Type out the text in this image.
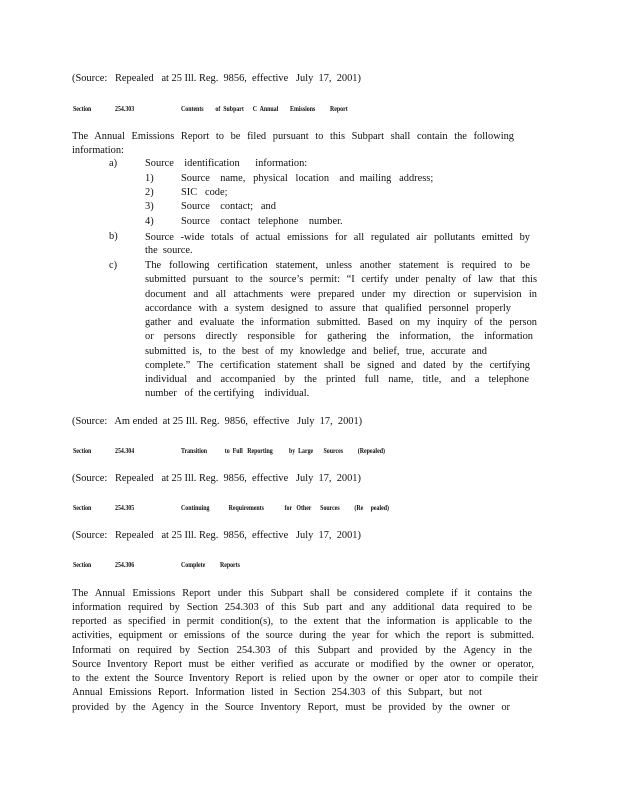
(Source:   Repealed   at 25 Ill. Reg.  9856,  effective   July  17,  2001)
Section	254.303	Contents        of  Subpart      C  Annual        Emissions          Report
The Annual Emissions Report to be filed pursuant to this Subpart shall contain the following
information:
a)	Source    identification      information:
1)	Source    name,   physical   location    and  mailing   address;
2)	SIC   code;
3)	Source    contact;   and
4)	Source    contact   telephone    number.
b)	Source -wide totals of actual emissions for all regulated air pollutants emitted by
the  source.
c)	The following certification statement, unless another statement is required to be
submitted pursuant to the source’s permit: “I certify under penalty of law that this
document and all attachments were prepared under my direction or supervision in
accordance with a system designed to assure that qualified personnel properly
gather and evaluate the information submitted. Based on my inquiry of the person
or persons directly responsible for gathering the information, the information
submitted is, to the best of my knowledge and belief, true, accurate and
complete.” The certification statement shall be signed and dated by the certifying
individual and accompanied by the printed full name, title, and a telephone
number   of  the certifying    individual.
(Source:   Am ended  at 25 Ill. Reg.  9856,  effective   July  17,  2001)
Section	254.304	Transition            to  Full   Reporting           by  Large       Sources          (Repealed)
(Source:   Repealed   at 25 Ill. Reg.  9856,  effective   July  17,  2001)
Section	254.305	Continuing             Requirements              for   Other      Sources          (Re     pealed)
(Source:   Repealed   at 25 Ill. Reg.  9856,  effective   July  17,  2001)
Section	254.306	Complete          Reports
The Annual Emissions Report under this Subpart shall be considered complete if it contains the
information required by Section 254.303 of this Sub part and any additional data required to be
reported as specified in permit condition(s), to the extent that the information is applicable to the
activities, equipment or emissions of the source during the year for which the report is submitted.
Informati on required by Section 254.303 of this Subpart and provided by the Agency in the
Source Inventory Report must be either verified as accurate or modified by the owner or operator,
to the extent the Source Inventory Report is relied upon by the owner or oper ator to compile their
Annual Emissions Report. Information listed in Section 254.303 of this Subpart, but not
provided by the Agency in the Source Inventory Report, must be provided by the owner or
